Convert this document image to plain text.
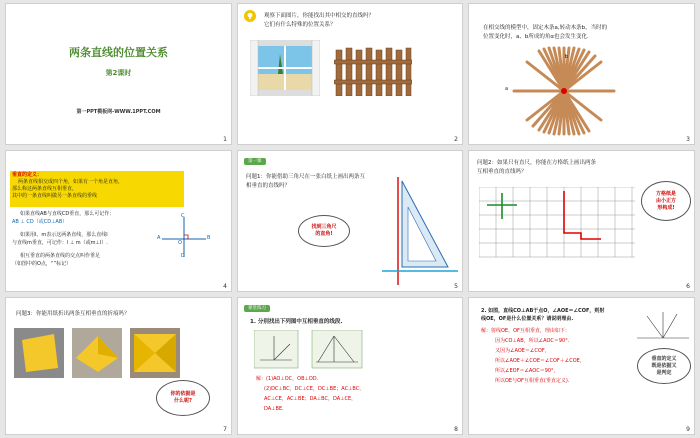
两条直线的位置关系
第2课时
第一PPT模板网-WWW.1PPT.COM
1
观察下面图片，你能找出其中相交的直线吗？
它们有什么特殊的位置关系？
2
在相交线的模型中，固定木条a,转动木条b，当时的
位置变化时，a、b所成的角α也会发生变化.
a
b
3
垂直的定义：
两条直线相交成四个角，如果有一个角是直角，
那么称这两条直线互相垂直，
其中的一条直线叫做另一条直线的垂线
如果直线AB与直线CD垂直，那么可记作：
AB ⊥ CD（或CD⊥AB）
如果用l、m表示这两条直线，那么直线l
与直线m垂直，可记作：l ⊥ m（或m⊥l）.
相互垂直的两条直线的交点叫作垂足
（如图中的O点，“”标记）
A	B
C
D
O
4
第一课
问题1：你能借助三角尺在一张白纸上画出两条互
相垂直的直线吗？
找到三角尺
的直角!
5
问题2：如果只有直尺，你能在方格纸上画出两条
互相垂直的直线吗？
方格纸是
由小正方
形构成!
6
问题3：你能用纸折出两条互相垂直的折痕吗？
你的依据是
什么呢?
7
课堂练习
1. 分别找出下列图中互相垂直的线段.
解：(1)AO⊥OC，OB⊥OD.
(2)DC⊥BC，DC⊥CE，DC⊥BE；AC⊥BC，
AC⊥CE，AC⊥BE；DA⊥BC，DA⊥CE，
DA⊥BE.
8
2. 如图，直线CO⊥AB于点O，∠AOE＝∠COF，则射
线OE，OF是什么位置关系？请说明理由.
解：射线OE，OF互相垂直，理由如下：
因为CO⊥AB，所以∠AOC＝90°.
又因为∠AOE＝∠COF，
所以∠AOE＋∠COE＝∠COF＋∠COE，
所以∠EOF＝∠AOC＝90°，
所以OE与OF互相垂直(垂直定义).
垂直的定义
既是依据又
是判定
9
